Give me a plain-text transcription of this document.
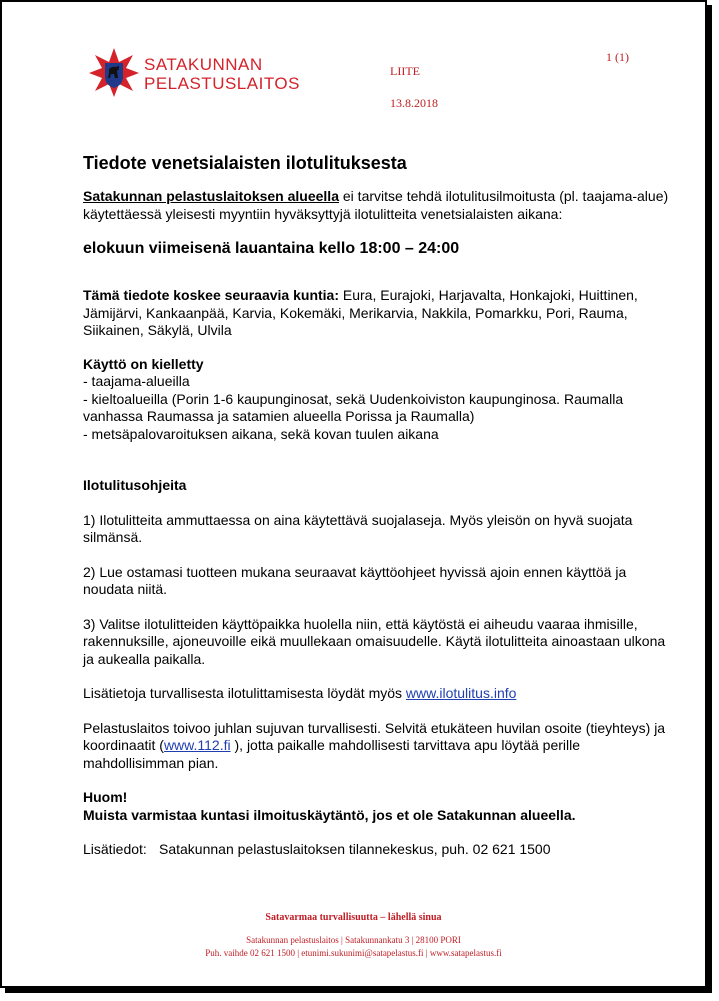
SATAKUNNAN
PELASTUSLAITOS
1 (1)
LIITE
13.8.2018
Tiedote venetsialaisten ilotulituksesta

Satakunnan pelastuslaitoksen alueella ei tarvitse tehdä ilotulitusilmoitusta (pl. taajama-alue) käytettäessä yleisesti myyntiin hyväksyttyjä ilotulitteita venetsialaisten aikana:

elokuun viimeisenä lauantaina kello 18:00 – 24:00

Tämä tiedote koskee seuraavia kuntia: Eura, Eurajoki, Harjavalta, Honkajoki, Huittinen, Jämijärvi, Kankaanpää, Karvia, Kokemäki, Merikarvia, Nakkila, Pomarkku, Pori, Rauma, Siikainen, Säkylä, Ulvila

Käyttö on kielletty

- taajama-alueilla

- kieltoalueilla (Porin 1-6 kaupunginosat, sekä Uudenkoiviston kaupunginosa. Raumalla vanhassa Raumassa ja satamien alueella Porissa ja Raumalla)

- metsäpalovaroituksen aikana, sekä kovan tuulen aikana

Ilotulitusohjeita

1) Ilotulitteita ammuttaessa on aina käytettävä suojalaseja. Myös yleisön on hyvä suojata silmänsä.

2) Lue ostamasi tuotteen mukana seuraavat käyttöohjeet hyvissä ajoin ennen käyttöä ja noudata niitä.

3) Valitse ilotulitteiden käyttöpaikka huolella niin, että käytöstä ei aiheudu vaaraa ihmisille, rakennuksille, ajoneuvoille eikä muullekaan omaisuudelle. Käytä ilotulitteita ainoastaan ulkona ja aukealla paikalla.

Lisätietoja turvallisesta ilotulittamisesta löydät myös www.ilotulitus.info

Pelastuslaitos toivoo juhlan sujuvan turvallisesti. Selvitä etukäteen huvilan osoite (tieyhteys) ja koordinaatit (www.112.fi ), jotta paikalle mahdollisesti tarvittava apu löytää perille mahdollisimman pian.

Huom!

Muista varmistaa kuntasi ilmoituskäytäntö, jos et ole Satakunnan alueella.

Lisätiedot: Satakunnan pelastuslaitoksen tilannekeskus, puh. 02 621 1500

Satavarmaa turvallisuutta – lähellä sinua
Satakunnan pelastuslaitos | Satakunnankatu 3 | 28100 PORI
Puh. vaihde 02 621 1500 | etunimi.sukunimi@satapelastus.fi | www.satapelastus.fi
